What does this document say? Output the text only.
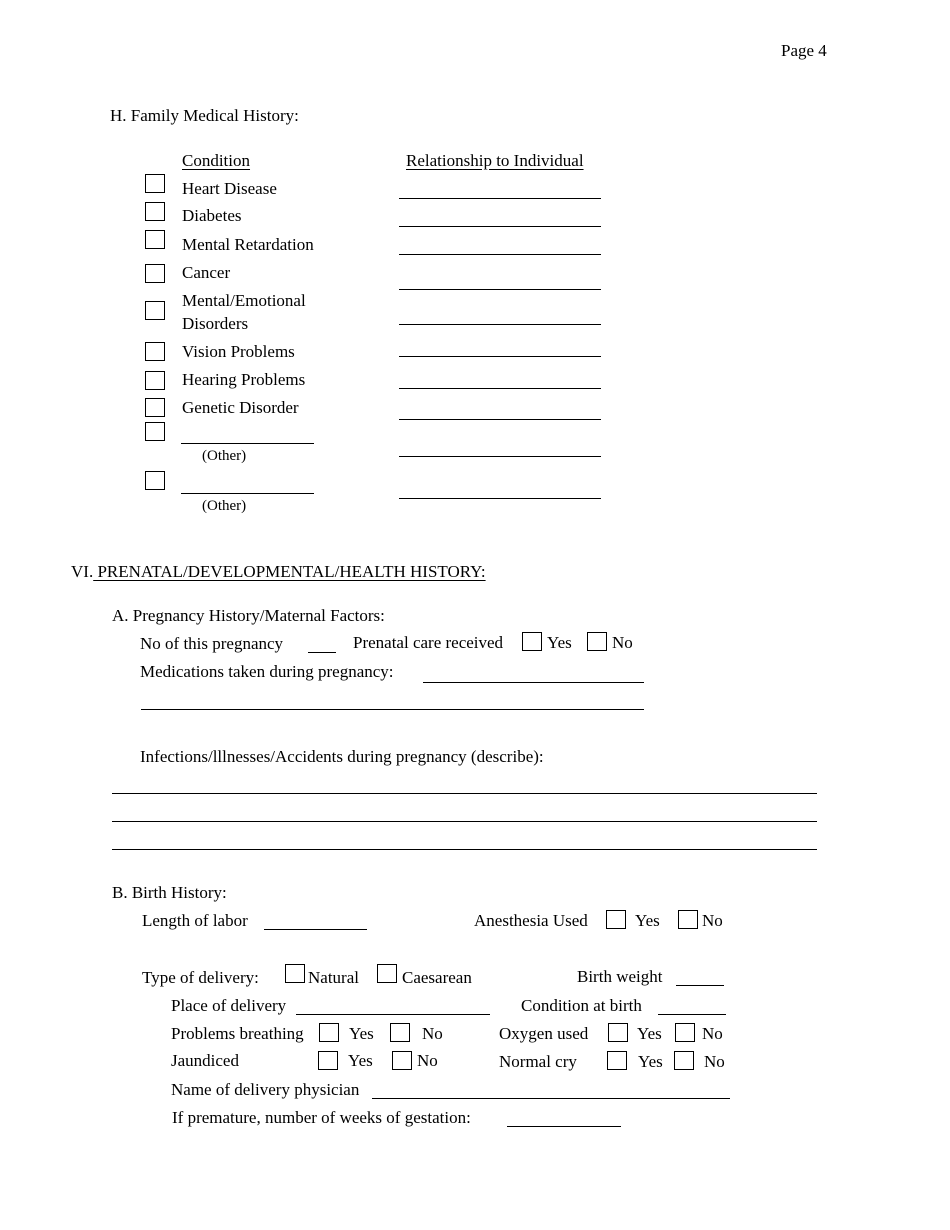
Page 4
H. Family Medical History:
Condition	Relationship to Individual
Heart Disease
Diabetes
Mental Retardation
Cancer
Mental/Emotional
Disorders
Vision Problems
Hearing Problems
Genetic Disorder
(Other)
(Other)
VI. PRENATAL/DEVELOPMENTAL/HEALTH HISTORY:
A. Pregnancy History/Maternal Factors:
No of this pregnancy	Prenatal care received	Yes No
Medications taken during pregnancy:
Infections/lllnesses/Accidents during pregnancy (describe):
B. Birth History:
Length of labor	Anesthesia Used	Yes No
Type of delivery:	Natural	Caesarean	Birth weight
Place of delivery	Condition at birth
Problems breathing	Yes	No	Oxygen used	Yes No
Jaundiced	Yes	No	Normal cry	Yes No
Name of delivery physician
If premature, number of weeks of gestation:
